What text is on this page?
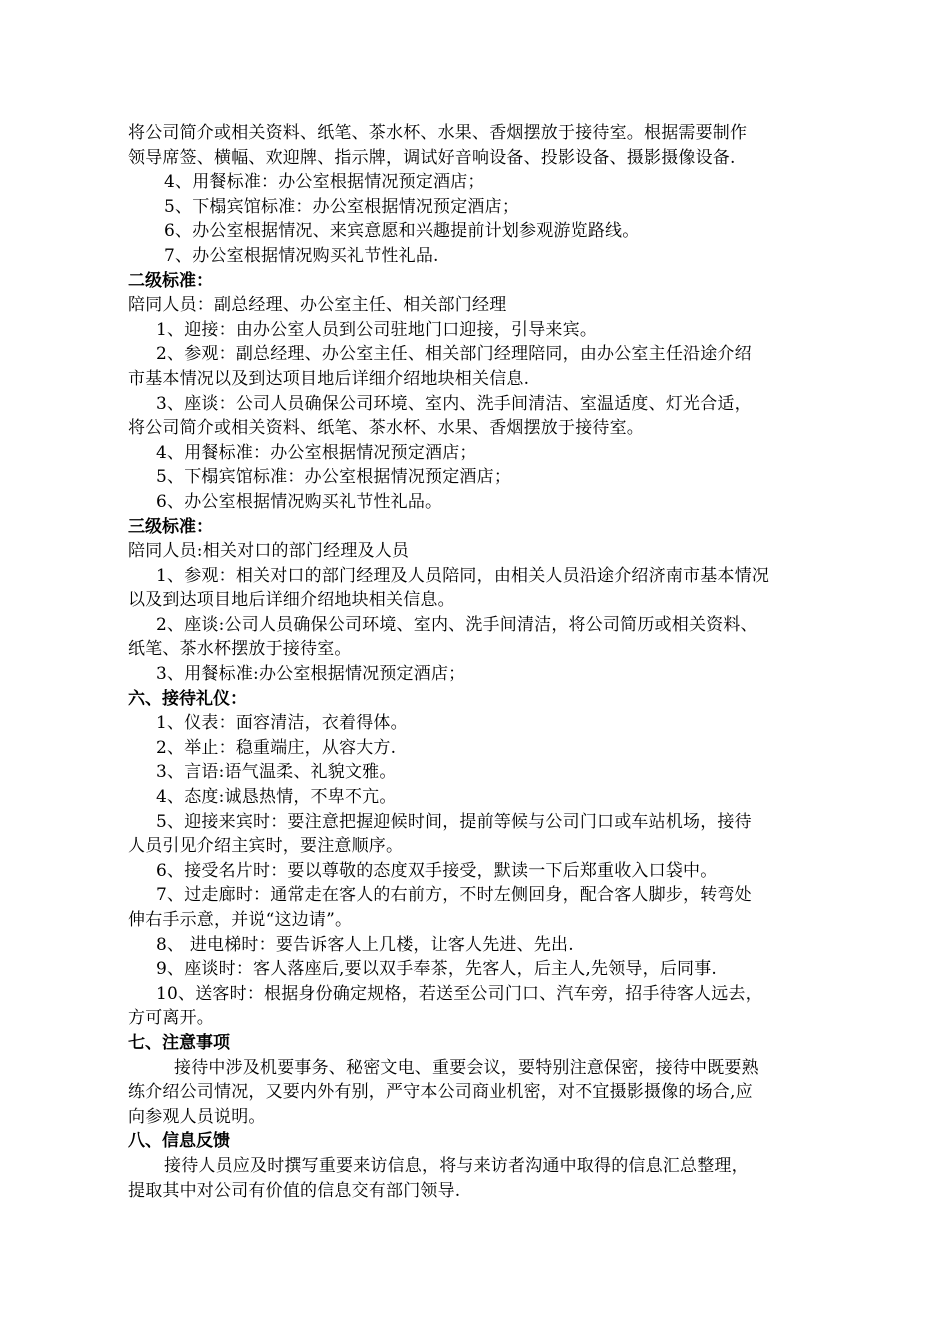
将公司简介或相关资料、纸笔、茶水杯、水果、香烟摆放于接待室。根据需要制作
领导席签、横幅、欢迎牌、指示牌，调试好音响设备、投影设备、摄影摄像设备.
4、用餐标准：办公室根据情况预定酒店；
5、下榻宾馆标准：办公室根据情况预定酒店；
6、办公室根据情况、来宾意愿和兴趣提前计划参观游览路线。
7、办公室根据情况购买礼节性礼品.
二级标准：
陪同人员：副总经理、办公室主任、相关部门经理
1、迎接：由办公室人员到公司驻地门口迎接，引导来宾。
2、参观：副总经理、办公室主任、相关部门经理陪同，由办公室主任沿途介绍
市基本情况以及到达项目地后详细介绍地块相关信息.
3、座谈：公司人员确保公司环境、室内、洗手间清洁、室温适度、灯光合适，
将公司简介或相关资料、纸笔、茶水杯、水果、香烟摆放于接待室。
4、用餐标准：办公室根据情况预定酒店；
5、下榻宾馆标准：办公室根据情况预定酒店；
6、办公室根据情况购买礼节性礼品。
三级标准：
陪同人员:相关对口的部门经理及人员
1、参观：相关对口的部门经理及人员陪同，由相关人员沿途介绍济南市基本情况
以及到达项目地后详细介绍地块相关信息。
2、座谈:公司人员确保公司环境、室内、洗手间清洁，将公司简历或相关资料、
纸笔、茶水杯摆放于接待室。
3、用餐标准:办公室根据情况预定酒店；
六、接待礼仪：
1、仪表：面容清洁，衣着得体。
2、举止：稳重端庄，从容大方.
3、言语:语气温柔、礼貌文雅。
4、态度:诚恳热情，不卑不亢。
5、迎接来宾时：要注意把握迎候时间，提前等候与公司门口或车站机场，接待
人员引见介绍主宾时，要注意顺序。
6、接受名片时：要以尊敬的态度双手接受，默读一下后郑重收入口袋中。
7、过走廊时：通常走在客人的右前方，不时左侧回身，配合客人脚步，转弯处
伸右手示意，并说“这边请”。
8、 进电梯时：要告诉客人上几楼，让客人先进、先出.
9、座谈时：客人落座后,要以双手奉茶，先客人，后主人,先领导，后同事.
10、送客时：根据身份确定规格，若送至公司门口、汽车旁，招手待客人远去，
方可离开。
七、注意事项
接待中涉及机要事务、秘密文电、重要会议，要特别注意保密，接待中既要熟
练介绍公司情况，又要内外有别，严守本公司商业机密，对不宜摄影摄像的场合,应
向参观人员说明。
八、信息反馈
接待人员应及时撰写重要来访信息，将与来访者沟通中取得的信息汇总整理，
提取其中对公司有价值的信息交有部门领导.
